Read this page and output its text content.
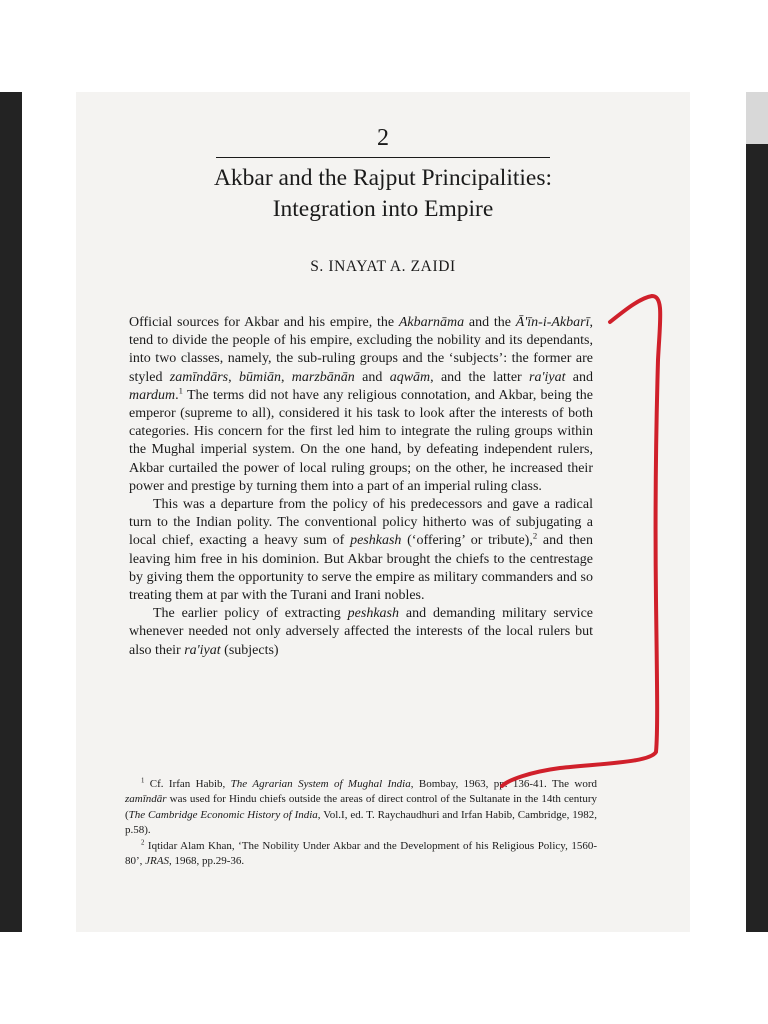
2
Akbar and the Rajput Principalities:
Integration into Empire
S. INAYAT A. ZAIDI

Official sources for Akbar and his empire, the Akbarnāma and the Ā'īn-i-Akbarī, tend to divide the people of his empire, excluding the nobility and its dependants, into two classes, namely, the sub-ruling groups and the ‘subjects’: the former are styled zamīndārs, būmiān, marzbānān and aqwām, and the latter ra'iyat and mardum.$^1$ The terms did not have any religious connotation, and Akbar, being the emperor (supreme to all), considered it his task to look after the interests of both categories. His concern for the first led him to integrate the ruling groups within the Mughal imperial system. On the one hand, by defeating independent rulers, Akbar curtailed the power of local ruling groups; on the other, he increased their power and prestige by turning them into a part of an imperial ruling class.

This was a departure from the policy of his predecessors and gave a radical turn to the Indian polity. The conventional policy hitherto was of subjugating a local chief, exacting a heavy sum of peshkash (‘offering’ or tribute),$^2$ and then leaving him free in his dominion. But Akbar brought the chiefs to the centrestage by giving them the opportunity to serve the empire as military commanders and so treating them at par with the Turani and Irani nobles.

The earlier policy of extracting peshkash and demanding military service whenever needed not only adversely affected the interests of the local rulers but also their ra'iyat (subjects)

$^1$ Cf. Irfan Habib, The Agrarian System of Mughal India, Bombay, 1963, pp. 136-41. The word zamīndār was used for Hindu chiefs outside the areas of direct control of the Sultanate in the 14th century (The Cambridge Economic History of India, Vol.I, ed. T. Raychaudhuri and Irfan Habib, Cambridge, 1982, p.58).

$^2$ Iqtidar Alam Khan, ‘The Nobility Under Akbar and the Development of his Religious Policy, 1560-80’, JRAS, 1968, pp.29-36.
